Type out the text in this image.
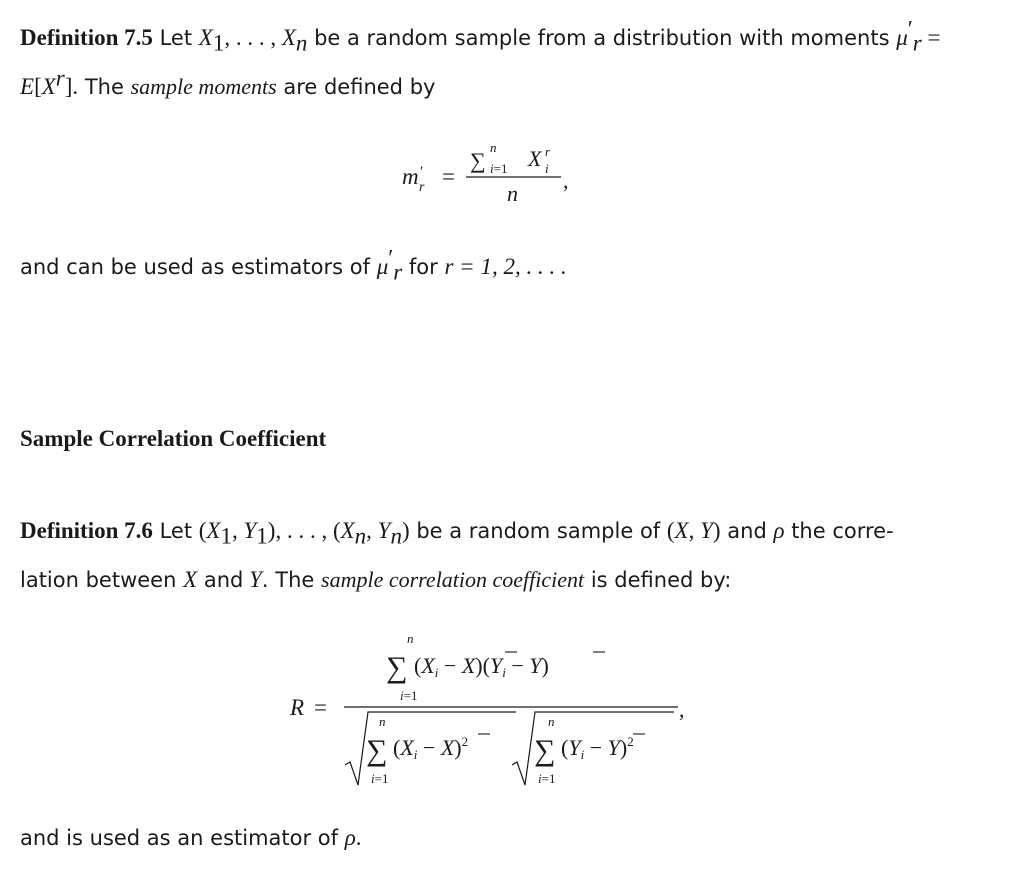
Definition 7.5 Let $X_1$, . . . , $X_n$ be a random sample from a distribution with moments $\mu'_r$ =
$E[X^r]$. The sample moments are defined by
m ′
r =
∑
n
i=1 X r
i
n
,
and can be used as estimators of $\mu'_r$ for r = 1, 2, . . . .
Sample Correlation Coefficient
Definition 7.6 Let ($X_1$, $Y_1$), . . . , ($X_n$, $Y_n$) be a random sample of (X, Y) and ρ the corre-
lation between X and Y. The sample correlation coefficient is defined by:
R =
n
∑
i=1
(Xi − X)(Yi − Y)
n
∑
i=1
$(Xi - X)^2$
n
∑
i=1
$(Yi - Y)^2$
,
and is used as an estimator of ρ.
